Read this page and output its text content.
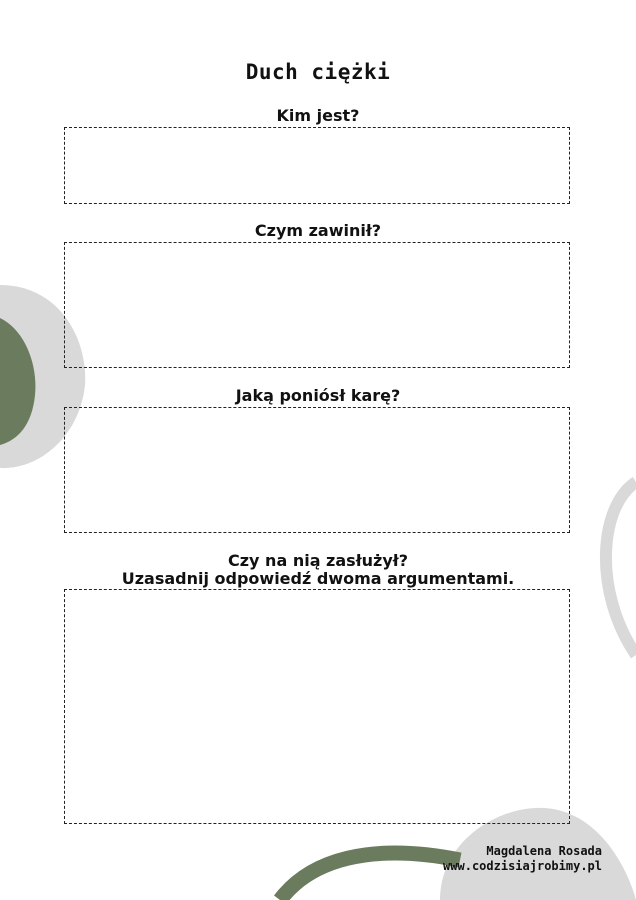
Duch ciężki
Kim jest?
Czym zawinił?
Jaką poniósł karę?
Czy na nią zasłużył?
Uzasadnij odpowiedź dwoma argumentami.
Magdalena Rosada
www.codzisiajrobimy.pl
